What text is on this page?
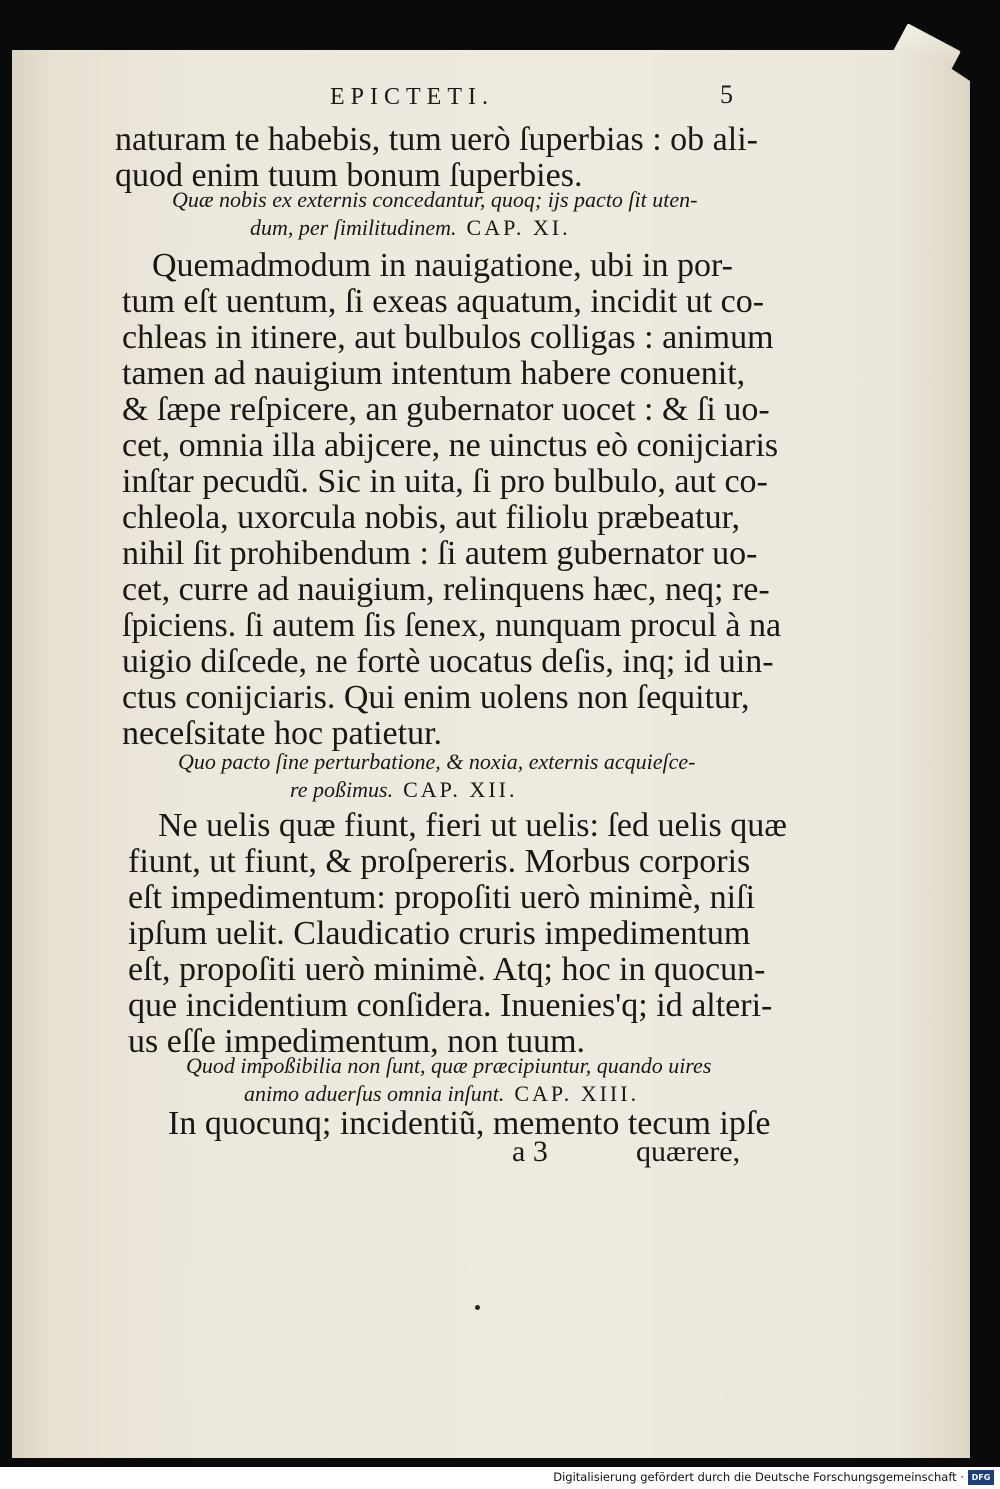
EPICTETI.	5
naturam te habebis, tum uerò ſuperbias : ob ali-
quod enim tuum bonum ſuperbies.
Quæ nobis ex externis concedantur, quoq; ijs pacto ſit uten-
dum, per ſimilitudinem. CAP. XI.
Quemadmodum in nauigatione, ubi in por-
tum eſt uentum, ſi exeas aquatum, incidit ut co-
chleas in itinere, aut bulbulos colligas : animum
tamen ad nauigium intentum habere conuenit,
& ſæpe reſpicere, an gubernator uocet : & ſi uo-
cet, omnia illa abijcere, ne uinctus eò conijciaris
inſtar pecudũ. Sic in uita, ſi pro bulbulo, aut co-
chleola, uxorcula nobis, aut filiolu præbeatur,
nihil ſit prohibendum : ſi autem gubernator uo-
cet, curre ad nauigium, relinquens hæc, neq; re-
ſpiciens. ſi autem ſis ſenex, nunquam procul à na
uigio diſcede, ne fortè uocatus deſis, inq; id uin-
ctus conijciaris. Qui enim uolens non ſequitur,
neceſsitate hoc patietur.
Quo pacto ſine perturbatione, & noxia, externis acquieſce-
re poßimus. CAP. XII.
Ne uelis quæ fiunt, fieri ut uelis: ſed uelis quæ
fiunt, ut fiunt, & proſpereris. Morbus corporis
eſt impedimentum: propoſiti uerò minimè, niſi
ipſum uelit. Claudicatio cruris impedimentum
eſt, propoſiti uerò minimè. Atq; hoc in quocun-
que incidentium conſidera. Inuenies'q; id alteri-
us eſſe impedimentum, non tuum.
Quod impoßibilia non ſunt, quæ præcipiuntur, quando uires
animo aduerſus omnia inſunt. CAP. XIII.
In quocunq; incidentiũ, memento tecum ipſe
a 3	quærere,
Digitalisierung gefördert durch die Deutsche Forschungsgemeinschaft · DFG
